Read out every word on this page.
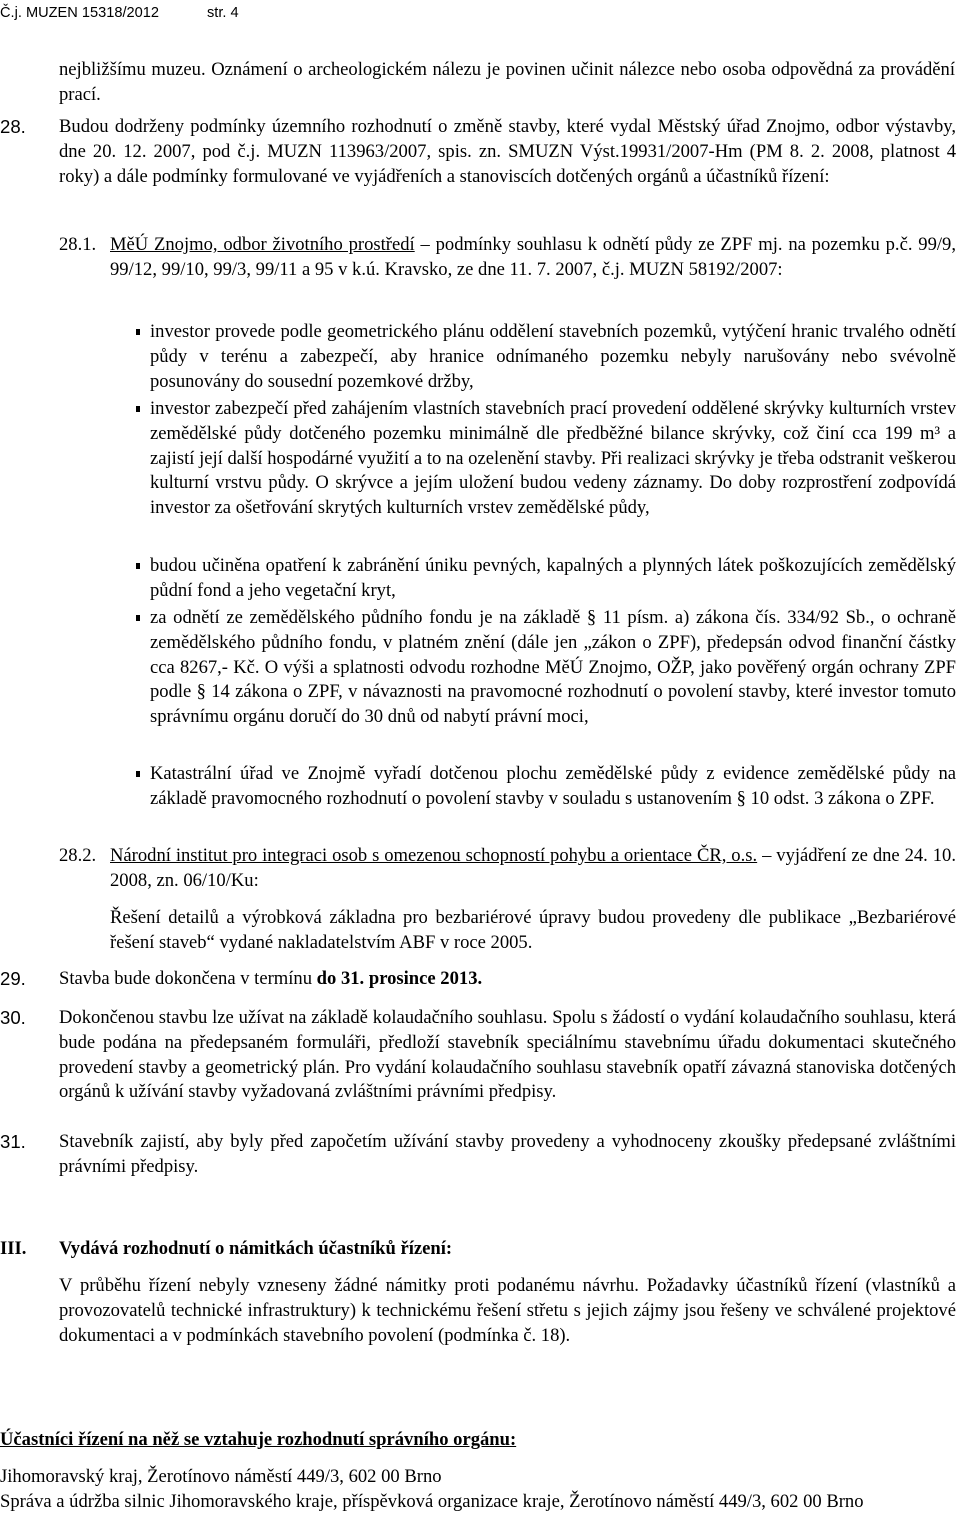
Č.j. MUZEN 15318/2012	str. 4
nejbližšímu muzeu. Oznámení o archeologickém nálezu je povinen učinit nálezce nebo osoba odpovědná za provádění prací.
28. Budou dodrženy podmínky územního rozhodnutí o změně stavby, které vydal Městský úřad Znojmo, odbor výstavby, dne 20. 12. 2007, pod č.j. MUZN 113963/2007, spis. zn. SMUZN Výst.19931/2007-Hm (PM 8. 2. 2008, platnost 4 roky) a dále podmínky formulované ve vyjádřeních a stanoviscích dotčených orgánů a účastníků řízení:
28.1. MěÚ Znojmo, odbor životního prostředí – podmínky souhlasu k odnětí půdy ze ZPF mj. na pozemku p.č. 99/9, 99/12, 99/10, 99/3, 99/11 a 95 v k.ú. Kravsko, ze dne 11. 7. 2007, č.j. MUZN 58192/2007:
investor provede podle geometrického plánu oddělení stavebních pozemků, vytýčení hranic trvalého odnětí půdy v terénu a zabezpečí, aby hranice odnímaného pozemku nebyly narušovány nebo svévolně posunovány do sousední pozemkové držby,
investor zabezpečí před zahájením vlastních stavebních prací provedení oddělené skrývky kulturních vrstev zemědělské půdy dotčeného pozemku minimálně dle předběžné bilance skrývky, což činí cca 199 m³ a zajistí její další hospodárné využití a to na ozelenění stavby. Při realizaci skrývky je třeba odstranit veškerou kulturní vrstvu půdy. O skrývce a jejím uložení budou vedeny záznamy. Do doby rozprostření zodpovídá investor za ošetřování skrytých kulturních vrstev zemědělské půdy,
budou učiněna opatření k zabránění úniku pevných, kapalných a plynných látek poškozujících zemědělský půdní fond a jeho vegetační kryt,
za odnětí ze zemědělského půdního fondu je na základě § 11 písm. a) zákona čís. 334/92 Sb., o ochraně zemědělského půdního fondu, v platném znění (dále jen „zákon o ZPF), předepsán odvod finanční částky cca 8267,- Kč. O výši a splatnosti odvodu rozhodne MěÚ Znojmo, OŽP, jako pověřený orgán ochrany ZPF podle § 14 zákona o ZPF, v návaznosti na pravomocné rozhodnutí o povolení stavby, které investor tomuto správnímu orgánu doručí do 30 dnů od nabytí právní moci,
Katastrální úřad ve Znojmě vyřadí dotčenou plochu zemědělské půdy z evidence zemědělské půdy na základě pravomocného rozhodnutí o povolení stavby v souladu s ustanovením § 10 odst. 3 zákona o ZPF.
28.2. Národní institut pro integraci osob s omezenou schopností pohybu a orientace ČR, o.s. – vyjádření ze dne 24. 10. 2008, zn. 06/10/Ku:
Řešení detailů a výrobková základna pro bezbariérové úpravy budou provedeny dle publikace „Bezbariérové řešení staveb“ vydané nakladatelstvím ABF v roce 2005.
29. Stavba bude dokončena v termínu do 31. prosince 2013.
30. Dokončenou stavbu lze užívat na základě kolaudačního souhlasu. Spolu s žádostí o vydání kolaudačního souhlasu, která bude podána na předepsaném formuláři, předloží stavebník speciálnímu stavebnímu úřadu dokumentaci skutečného provedení stavby a geometrický plán. Pro vydání kolaudačního souhlasu stavebník opatří závazná stanoviska dotčených orgánů k užívání stavby vyžadovaná zvláštními právními předpisy.
31. Stavebník zajistí, aby byly před započetím užívání stavby provedeny a vyhodnoceny zkoušky předepsané zvláštními právními předpisy.
III. Vydává rozhodnutí o námitkách účastníků řízení:
V průběhu řízení nebyly vzneseny žádné námitky proti podanému návrhu. Požadavky účastníků řízení (vlastníků a provozovatelů technické infrastruktury) k technickému řešení střetu s jejich zájmy jsou řešeny ve schválené projektové dokumentaci a v podmínkách stavebního povolení (podmínka č. 18).
Účastníci řízení na něž se vztahuje rozhodnutí správního orgánu:
Jihomoravský kraj, Žerotínovo náměstí 449/3, 602 00 Brno
Správa a údržba silnic Jihomoravského kraje, příspěvková organizace kraje, Žerotínovo náměstí 449/3, 602 00 Brno
